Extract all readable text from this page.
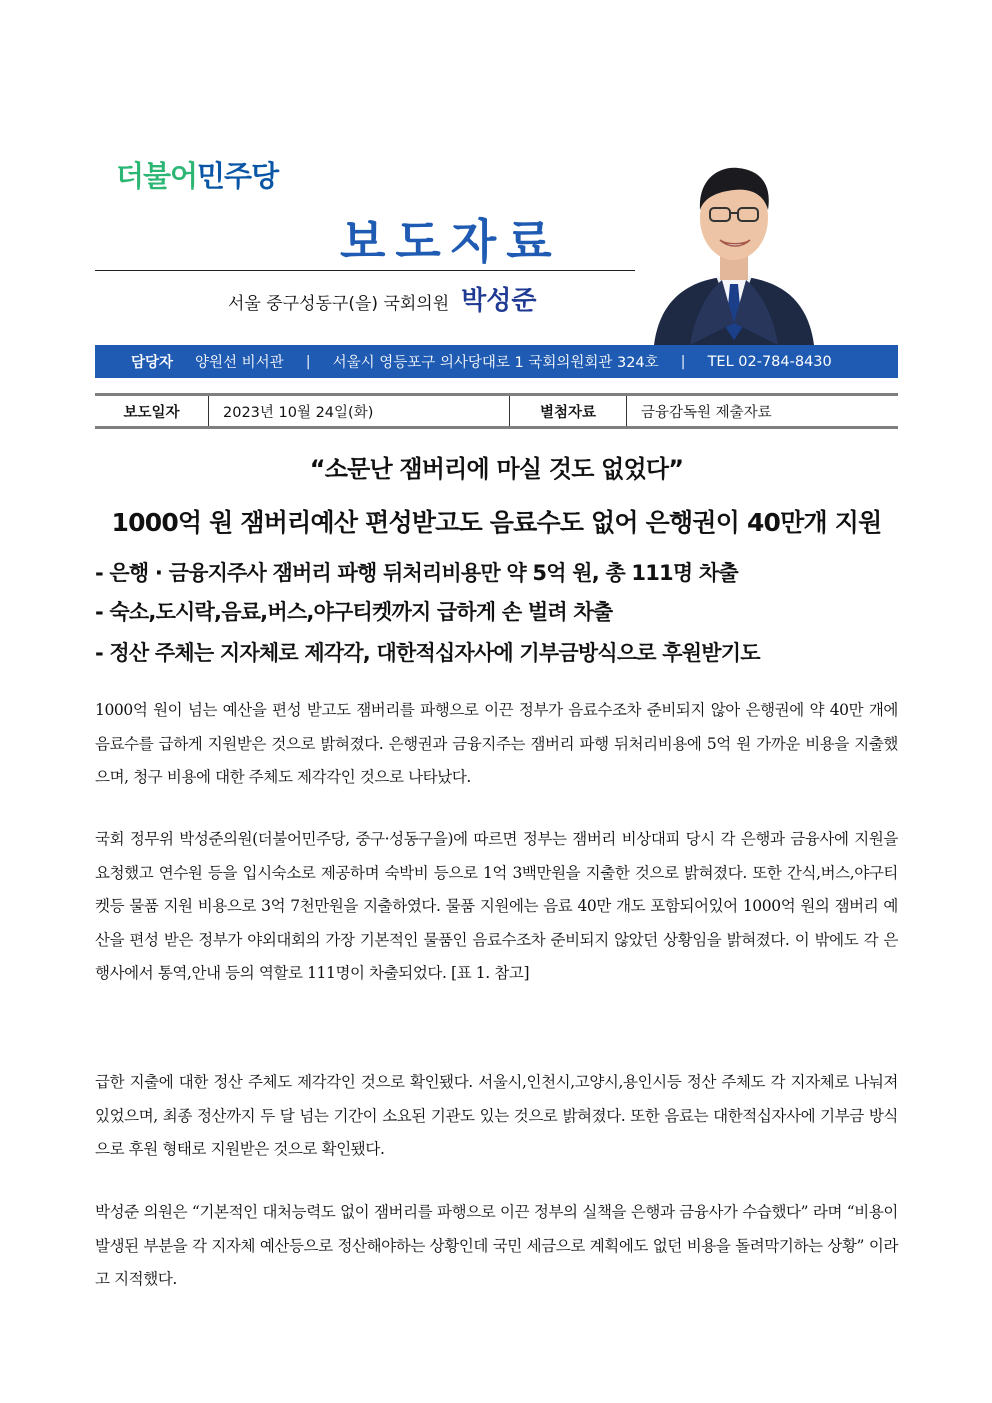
더불어민주당
보도자료
서울 중구성동구(을) 국회의원 박성준
담당자 양원선 비서관 | 서울시 영등포구 의사당대로 1 국회의원회관 324호 | TEL 02-784-8430
보도일자	2023년 10월 24일(화)	별첨자료	금융감독원 제출자료
“소문난 잼버리에 마실 것도 없었다”
1000억 원 잼버리예산 편성받고도 음료수도 없어 은행권이 40만개 지원
- 은행 · 금융지주사 잼버리 파행 뒤처리비용만 약 5억 원, 총 111명 차출
- 숙소,도시락,음료,버스,야구티켓까지 급하게 손 벌려 차출
- 정산 주체는 지자체로 제각각, 대한적십자사에 기부금방식으로 후원받기도
1000억 원이 넘는 예산을 편성 받고도 잼버리를 파행으로 이끈 정부가 음료수조차 준비되지 않아 은행권에 약 40만 개에 음료수를 급하게 지원받은 것으로 밝혀졌다. 은행권과 금융지주는 잼버리 파행 뒤처리비용에 5억 원 가까운 비용을 지출했으며, 청구 비용에 대한 주체도 제각각인 것으로 나타났다.
국회 정무위 박성준의원(더불어민주당, 중구·성동구을)에 따르면 정부는 잼버리 비상대피 당시 각 은행과 금융사에 지원을 요청했고 연수원 등을 입시숙소로 제공하며 숙박비 등으로 1억 3백만원을 지출한 것으로 밝혀졌다. 또한 간식,버스,야구티켓등 물품 지원 비용으로 3억 7천만원을 지출하였다. 물품 지원에는 음료 40만 개도 포함되어있어 1000억 원의 잼버리 예산을 편성 받은 정부가 야외대회의 가장 기본적인 물품인 음료수조차 준비되지 않았던 상황임을 밝혀졌다. 이 밖에도 각 은행사에서 통역,안내 등의 역할로 111명이 차출되었다. [표 1. 참고]
급한 지출에 대한 정산 주체도 제각각인 것으로 확인됐다. 서울시,인천시,고양시,용인시등 정산 주체도 각 지자체로 나눠져있었으며, 최종 정산까지 두 달 넘는 기간이 소요된 기관도 있는 것으로 밝혀졌다. 또한 음료는 대한적십자사에 기부금 방식으로 후원 형태로 지원받은 것으로 확인됐다.
박성준 의원은 “기본적인 대처능력도 없이 잼버리를 파행으로 이끈 정부의 실책을 은행과 금융사가 수습했다” 라며 “비용이 발생된 부분을 각 지자체 예산등으로 정산해야하는 상황인데 국민 세금으로 계획에도 없던 비용을 돌려막기하는 상황” 이라고 지적했다.
